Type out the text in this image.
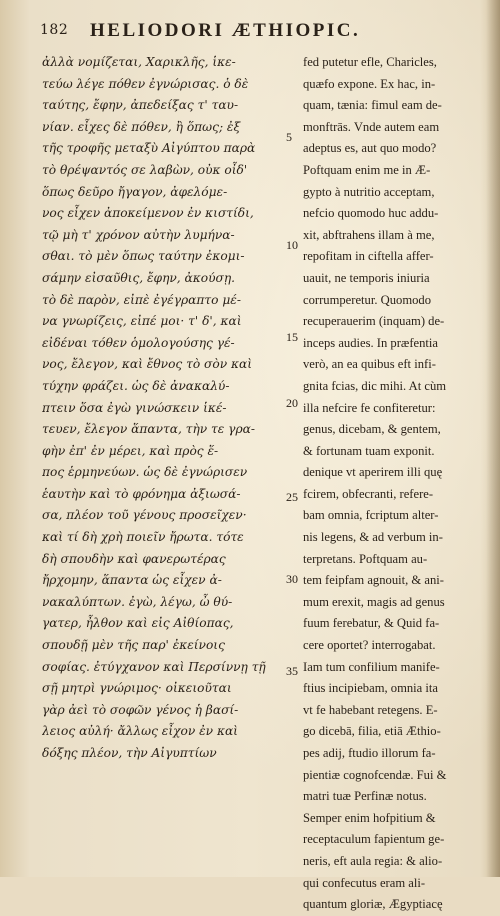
182 HELIODORI ÆTHIOPIC.
ἀλλὰ νομίζεται, Χαρικλῆς, ἱκε-
τεύω λέγε πόθεν ἐγνώρισας. ὁ δὲ
ταύτης, ἔφην, ἀπεδείξας τ' ταυ-
νίαν. εἶχες δὲ πόθεν, ἢ ὅπως; ἐξ
τῆς τροφῆς μεταξὺ Αἰγύπτου παρὰ
τὸ θρέψαντός σε λαβὼν, οὐκ οἶδ'
ὅπως δεῦρο ἤγαγον, ἀφελόμε-
νος εἶχεν ἀποκείμενον ἐν κιστίδι,
τῷ μὴ τ' χρόνον αὐτὴν λυμήνα-
σθαι. τὸ μὲν ὅπως ταύτην ἐκομι-
σάμην εἰσαῦθις, ἔφην, ἀκούσῃ.
τὸ δὲ παρὸν, εἰπὲ ἐγέγραπτο μέ-
να γνωρίζεις, εἰπέ μοι· τ' δ', καὶ
εἰδέναι τόθεν ὁμολογούσης γέ-
νος, ἔλεγον, καὶ ἔθνος τὸ σὸν καὶ
τύχην φράζει. ὡς δὲ ἀνακαλύ-
πτειν ὅσα ἐγὼ γινώσκειν ἱκέ-
τευεν, ἔλεγον ἅπαντα, τὴν τε γρα-
φὴν ἐπ' ἐν μέρει, καὶ πρὸς ἕ-
πος ἑρμηνεύων. ὡς δὲ ἐγνώρισεν
ἑαυτὴν καὶ τὸ φρόνημα ἀξιωσά-
σα, πλέον τοῦ γένους προσεῖχεν·
καὶ τί δὴ χρὴ ποιεῖν ἤρωτα. τότε
δὴ σπουδὴν καὶ φανερωτέρας
ἤρχομην, ἅπαντα ὡς εἶχεν ἀ-
νακαλύπτων. ἐγὼ, λέγω, ὦ θύ-
γατερ, ἦλθον καὶ εἰς Αἰθίοπας,
σπουδῇ μὲν τῆς παρ' ἐκείνοις
σοφίας. ἐτύγχανον καὶ Περσίννῃ τῇ
σῇ μητρὶ γνώριμος· οἰκειοῦται
γὰρ ἀεὶ τὸ σοφῶν γένος ἡ βασί-
λειος αὐλή· ἄλλως εἶχον ἐν καὶ
δόξης πλέον, τὴν Αἰγυπτίων
fed putetur efle, Charicles,
quæfo expone. Ex hac, in-
quam, tænia: fimul eam de-
monftrās. Vnde autem eam
adeptus es, aut quo modo?
Poftquam enim me in Æ-
gypto à nutritio acceptam,
nefcio quomodo huc addu-
xit, abftrahens illam à me,
repofitam in ciftella affer-
uauit, ne temporis iniuria
corrumperetur. Quomodo
recuperauerim (inquam) de-
inceps audies. In præfentia
verò, an ea quibus eft infi-
gnita fcias, dic mihi. At cùm
illa nefcire fe confiteretur:
genus, dicebam, & gentem,
& fortunam tuam exponit.
denique vt aperirem illi quę
fcirem, obfecranti, refere-
bam omnia, fcriptum alter-
nis legens, & ad verbum in-
terpretans. Poftquam au-
tem feipfam agnouit, & ani-
mum erexit, magis ad genus
fuum ferebatur, & Quid fa-
cere oportet? interrogabat.
Iam tum confilium manife-
ftius incipiebam, omnia ita
vt fe habebant retegens. E-
go dicebā, filia, etiā Æthio-
pes adij, ftudio illorum fa-
pientiæ cognofcendæ. Fui &
matri tuæ Perfinæ notus.
Semper enim hofpitium &
receptaculum fapientum ge-
neris, eft aula regia: & alio-
qui confecutus eram ali-
quantum gloriæ, Ægyptiacę
5
10
15
20
25
30
35
